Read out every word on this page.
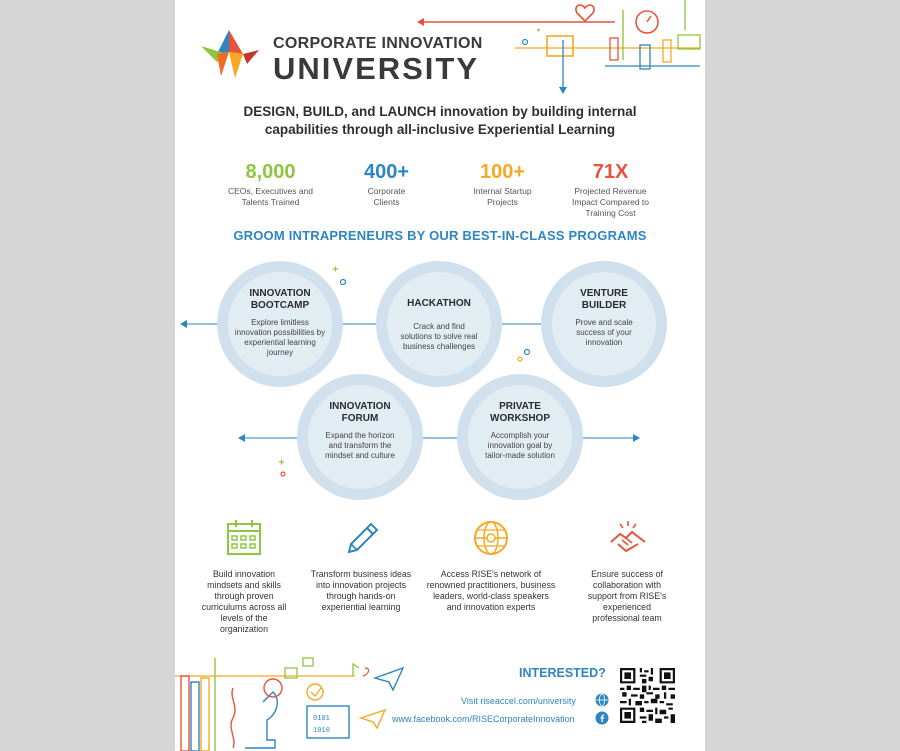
CORPORATE INNOVATION
UNIVERSITY
DESIGN, BUILD, and LAUNCH innovation by building internal capabilities through all-inclusive Experiential Learning
8,000
CEOs, Executives and Talents Trained
400+
Corporate Clients
100+
Internal Startup Projects
71X
Projected Revenue Impact Compared to Training Cost
GROOM INTRAPRENEURS BY OUR BEST-IN-CLASS PROGRAMS
INNOVATION BOOTCAMP
Explore limitless innovation possibilities by experiential learning journey
HACKATHON
Crack and find solutions to solve real business challenges
VENTURE BUILDER
Prove and scale success of your innovation
INNOVATION FORUM
Expand the horizon and transform the mindset and culture
PRIVATE WORKSHOP
Accomplish your innovation goal by tailor-made solution
Build innovation mindsets and skills through proven curriculums across all levels of the organization
Transform business ideas into innovation projects through hands-on experiential learning
Access RISE's network of renowned practitioners, business leaders, world-class speakers and innovation experts
Ensure success of collaboration with support from RISE's experienced professional team
0101
1010
INTERESTED?
Visit riseaccel.com/university
www.facebook.com/RISECorporateInnovation
